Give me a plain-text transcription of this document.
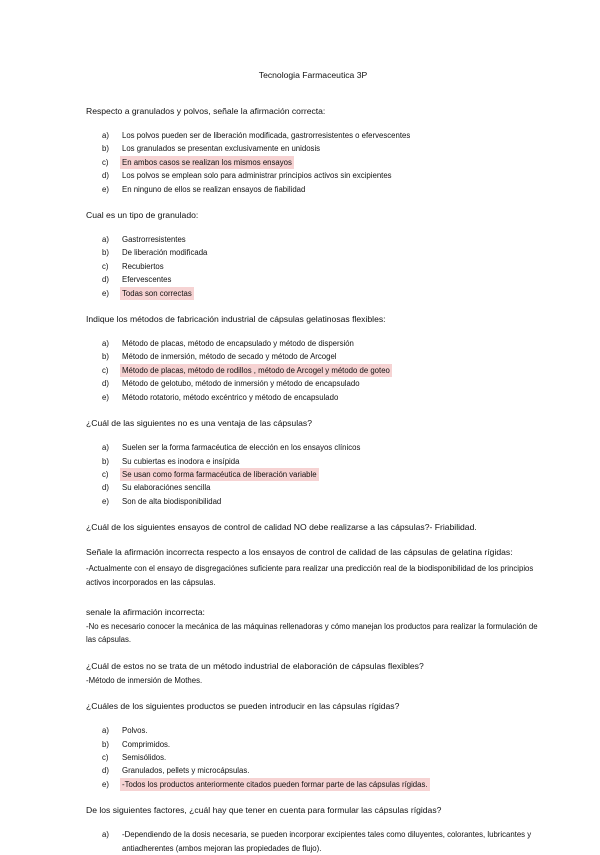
Tecnologia Farmaceutica 3P
Respecto a granulados y polvos, señale la afirmación correcta:
a) Los polvos pueden ser de liberación modificada, gastrorresistentes o efervescentes
b) Los granulados se presentan exclusivamente en unidosis
c) En ambos casos se realizan los mismos ensayos
d) Los polvos se emplean solo para administrar principios activos sin excipientes
e) En ninguno de ellos se realizan ensayos de fiabilidad
Cual es un tipo de granulado:
a) Gastrorresistentes
b) De liberación modificada
c) Recubiertos
d) Efervescentes
e) Todas son correctas
Indique los métodos de fabricación industrial de cápsulas gelatinosas flexibles:
a) Método de placas, método de encapsulado y método de dispersión
b) Método de inmersión, método de secado y método de Arcogel
c) Método de placas, método de rodillos , método de Arcogel y método de goteo
d) Método de gelotubo, método de inmersión y método de encapsulado
e) Método rotatorio, método excéntrico y método de encapsulado
¿Cuál de las siguientes no es una ventaja de las cápsulas?
a) Suelen ser la forma farmacéutica de elección en los ensayos clínicos
b) Su cubiertas es inodora e insípida
c) Se usan como forma farmacéutica de liberación variable
d) Su elaboraciónes sencilla
e) Son de alta biodisponibilidad
¿Cuál de los siguientes ensayos de control de calidad NO debe realizarse a las cápsulas?- Friabilidad.
Señale la afirmación incorrecta respecto a los ensayos de control de calidad de las cápsulas de gelatina rígidas:
-Actualmente con el ensayo de disgregaciónes suficiente para realizar una predicción real de la biodisponibilidad de los principios activos incorporados en las cápsulas.
senale la afirmación incorrecta:
-No es necesario conocer la mecánica de las máquinas rellenadoras y cómo manejan los productos para realizar la formulación de las cápsulas.
¿Cuál de estos no se trata de un método industrial de elaboración de cápsulas flexibles?
-Método de inmersión de Mothes.
¿Cuáles de los siguientes productos se pueden introducir en las cápsulas rígidas?
a) Polvos.
b) Comprimidos.
c) Semisólidos.
d) Granulados, pellets y microcápsulas.
e) -Todos los productos anteriormente citados pueden formar parte de las cápsulas rígidas.
De los siguientes factores, ¿cuál hay que tener en cuenta para formular las cápsulas rígidas?
a) -Dependiendo de la dosis necesaria, se pueden incorporar excipientes tales como diluyentes, colorantes, lubricantes y antiadherentes (ambos mejoran las propiedades de flujo).
